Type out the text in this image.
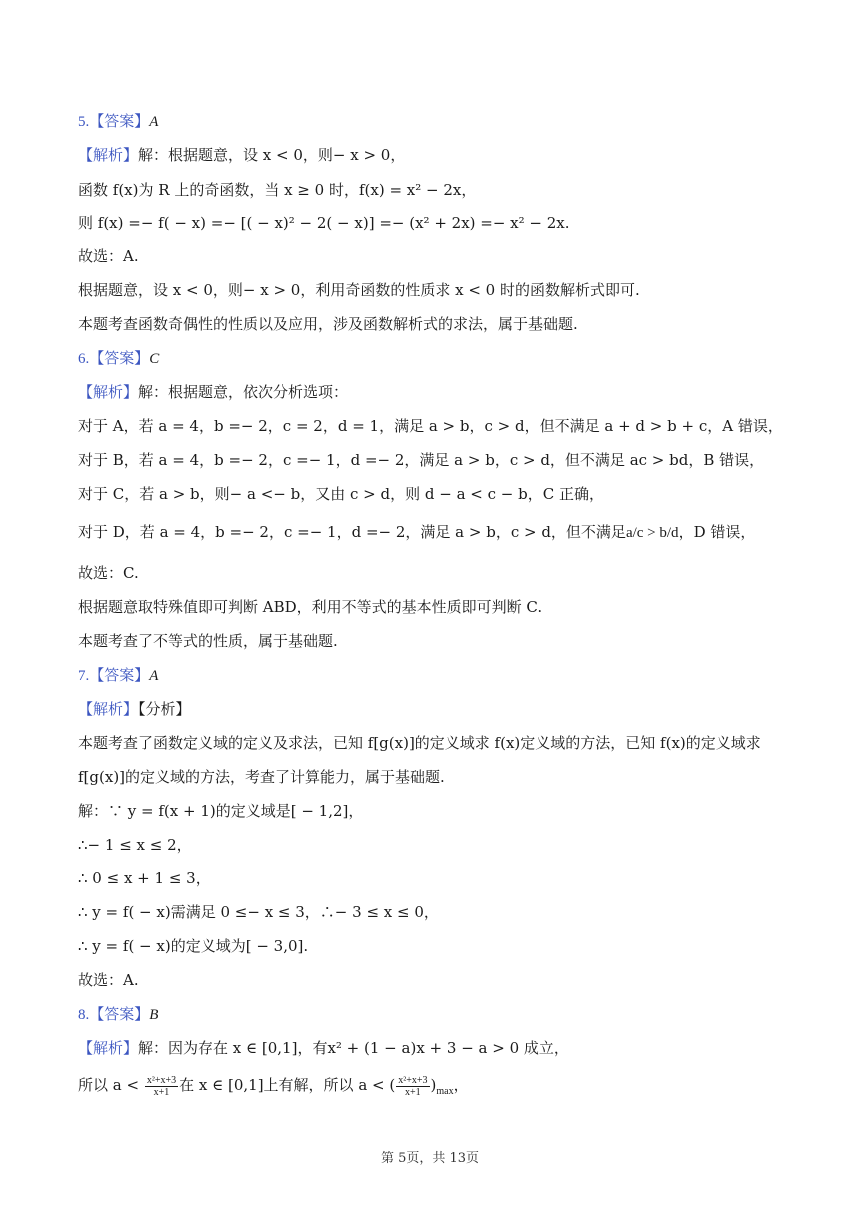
5.【答案】A
【解析】解：根据题意，设 x < 0，则− x > 0，
函数 f(x)为 R 上的奇函数，当 x ≥ 0 时，f(x) = x² − 2x，
则 f(x) =− f( − x) =− [( − x)² − 2( − x)] =− (x² + 2x) =− x² − 2x.
故选：A.
根据题意，设 x < 0，则− x > 0，利用奇函数的性质求 x < 0 时的函数解析式即可.
本题考查函数奇偶性的性质以及应用，涉及函数解析式的求法，属于基础题.
6.【答案】C
【解析】解：根据题意，依次分析选项：
对于 A，若 a = 4，b =− 2，c = 2，d = 1，满足 a > b，c > d，但不满足 a + d > b + c，A 错误，
对于 B，若 a = 4，b =− 2，c =− 1，d =− 2，满足 a > b，c > d，但不满足 ac > bd，B 错误，
对于 C，若 a > b，则− a <− b，又由 c > d，则 d − a < c − b，C 正确，
对于 D，若 a = 4，b =− 2，c =− 1，d =− 2，满足 a > b，c > d，但不满足a/c > b/d，D 错误，
故选：C.
根据题意取特殊值即可判断 ABD，利用不等式的基本性质即可判断 C.
本题考查了不等式的性质，属于基础题.
7.【答案】A
【解析】【分析】
本题考查了函数定义域的定义及求法，已知 f[g(x)]的定义域求 f(x)定义域的方法，已知 f(x)的定义域求
f[g(x)]的定义域的方法，考查了计算能力，属于基础题.
解：∵ y = f(x + 1)的定义域是[ − 1,2]，
∴− 1 ≤ x ≤ 2，
∴ 0 ≤ x + 1 ≤ 3，
∴ y = f( − x)需满足 0 ≤− x ≤ 3，∴− 3 ≤ x ≤ 0，
∴ y = f( − x)的定义域为[ − 3,0].
故选：A.
8.【答案】B
【解析】解：因为存在 x ∈ [0,1]，有x² + (1 − a)x + 3 − a > 0 成立，
所以 $a < \frac{\text{x²+x+3}}{x+1}$ 在 x ∈ [0,1]上有解，所以 a < ( $\frac{\text{x²+x+3}}{x+1} )_{max}$，
第 5页，共 13页
